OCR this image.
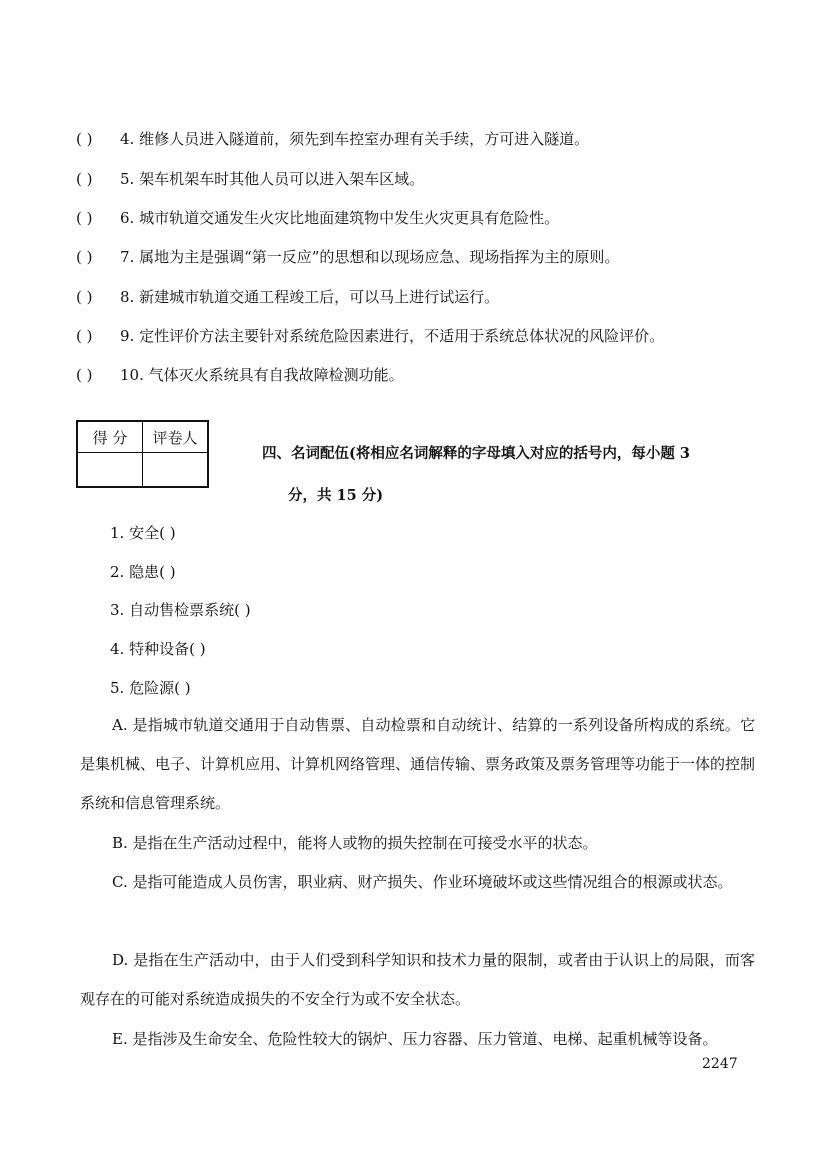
( ) 4. 维修人员进入隧道前，须先到车控室办理有关手续，方可进入隧道。
( ) 5. 架车机架车时其他人员可以进入架车区域。
( ) 6. 城市轨道交通发生火灾比地面建筑物中发生火灾更具有危险性。
( ) 7. 属地为主是强调“第一反应”的思想和以现场应急、现场指挥为主的原则。
( ) 8. 新建城市轨道交通工程竣工后，可以马上进行试运行。
( ) 9. 定性评价方法主要针对系统危险因素进行，不适用于系统总体状况的风险评价。
( ) 10. 气体灭火系统具有自我故障检测功能。
得 分	评卷人

四、名词配伍(将相应名词解释的字母填入对应的括号内，每小题 3
分，共 15 分)
1. 安全( )
2. 隐患( )
3. 自动售检票系统( )
4. 特种设备( )
5. 危险源( )
A. 是指城市轨道交通用于自动售票、自动检票和自动统计、结算的一系列设备所构成的系统。它是集机械、电子、计算机应用、计算机网络管理、通信传输、票务政策及票务管理等功能于一体的控制系统和信息管理系统。
B. 是指在生产活动过程中，能将人或物的损失控制在可接受水平的状态。
C. 是指可能造成人员伤害，职业病、财产损失、作业环境破坏或这些情况组合的根源或状态。
D. 是指在生产活动中，由于人们受到科学知识和技术力量的限制，或者由于认识上的局限，而客观存在的可能对系统造成损失的不安全行为或不安全状态。
E. 是指涉及生命安全、危险性较大的锅炉、压力容器、压力管道、电梯、起重机械等设备。
2247
